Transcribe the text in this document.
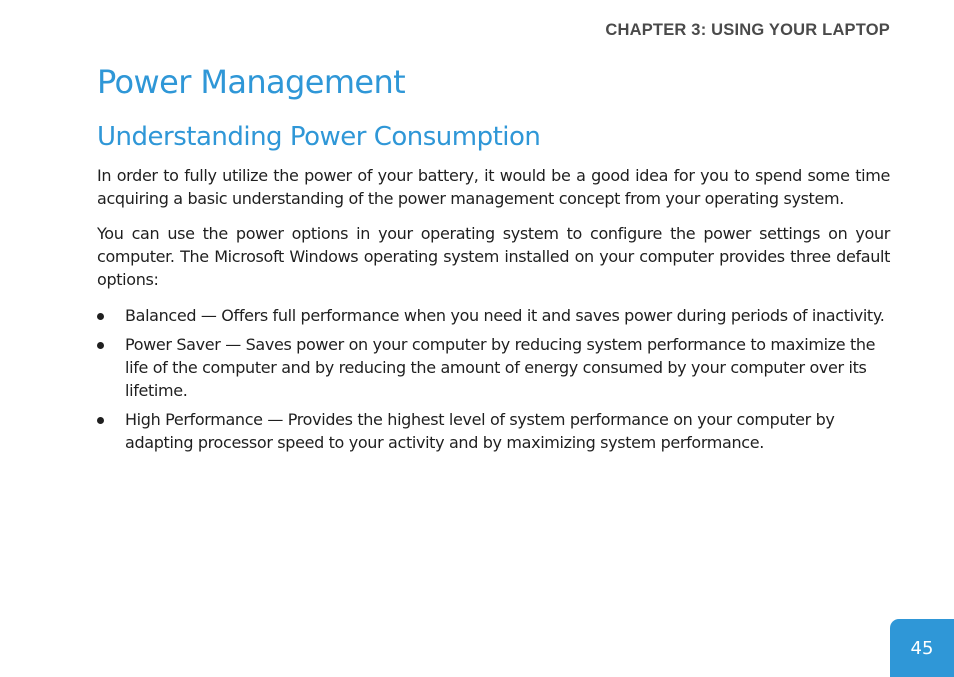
CHAPTER 3: USING YOUR LAPTOP
Power Management
Understanding Power Consumption

In order to fully utilize the power of your battery, it would be a good idea for you to spend some time acquiring a basic understanding of the power management concept from your operating system.

You can use the power options in your operating system to configure the power settings on your computer. The Microsoft Windows operating system installed on your computer provides three default options:

Balanced — Offers full performance when you need it and saves power during periods of inactivity.
Power Saver — Saves power on your computer by reducing system performance to maximize the life of the computer and by reducing the amount of energy consumed by your computer over its lifetime.
High Performance — Provides the highest level of system performance on your computer by adapting processor speed to your activity and by maximizing system performance.
45
